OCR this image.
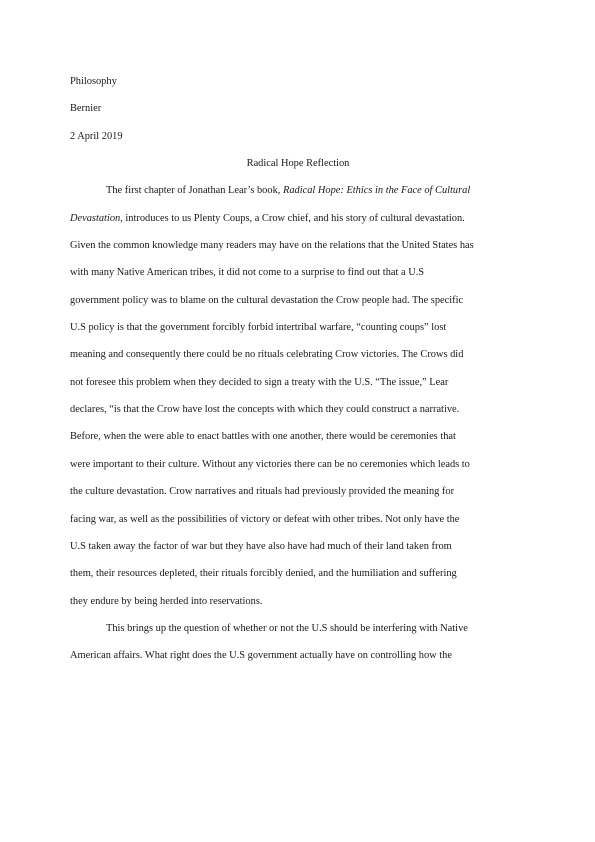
Philosophy

Bernier

2 April 2019

Radical Hope Reflection

The first chapter of Jonathan Lear’s book, Radical Hope: Ethics in the Face of Cultural
Devastation, introduces to us Plenty Coups, a Crow chief, and his story of cultural devastation.
Given the common knowledge many readers may have on the relations that the United States has
with many Native American tribes, it did not come to a surprise to find out that a U.S
government policy was to blame on the cultural devastation the Crow people had. The specific
U.S policy is that the government forcibly forbid intertribal warfare, “counting coups” lost
meaning and consequently there could be no rituals celebrating Crow victories. The Crows did
not foresee this problem when they decided to sign a treaty with the U.S. “The issue,” Lear
declares, “is that the Crow have lost the concepts with which they could construct a narrative.
Before, when the were able to enact battles with one another, there would be ceremonies that
were important to their culture. Without any victories there can be no ceremonies which leads to
the culture devastation. Crow narratives and rituals had previously provided the meaning for
facing war, as well as the possibilities of victory or defeat with other tribes. Not only have the
U.S taken away the factor of war but they have also have had much of their land taken from
them, their resources depleted, their rituals forcibly denied, and the humiliation and suffering
they endure by being herded into reservations.
This brings up the question of whether or not the U.S should be interfering with Native
American affairs. What right does the U.S government actually have on controlling how the
